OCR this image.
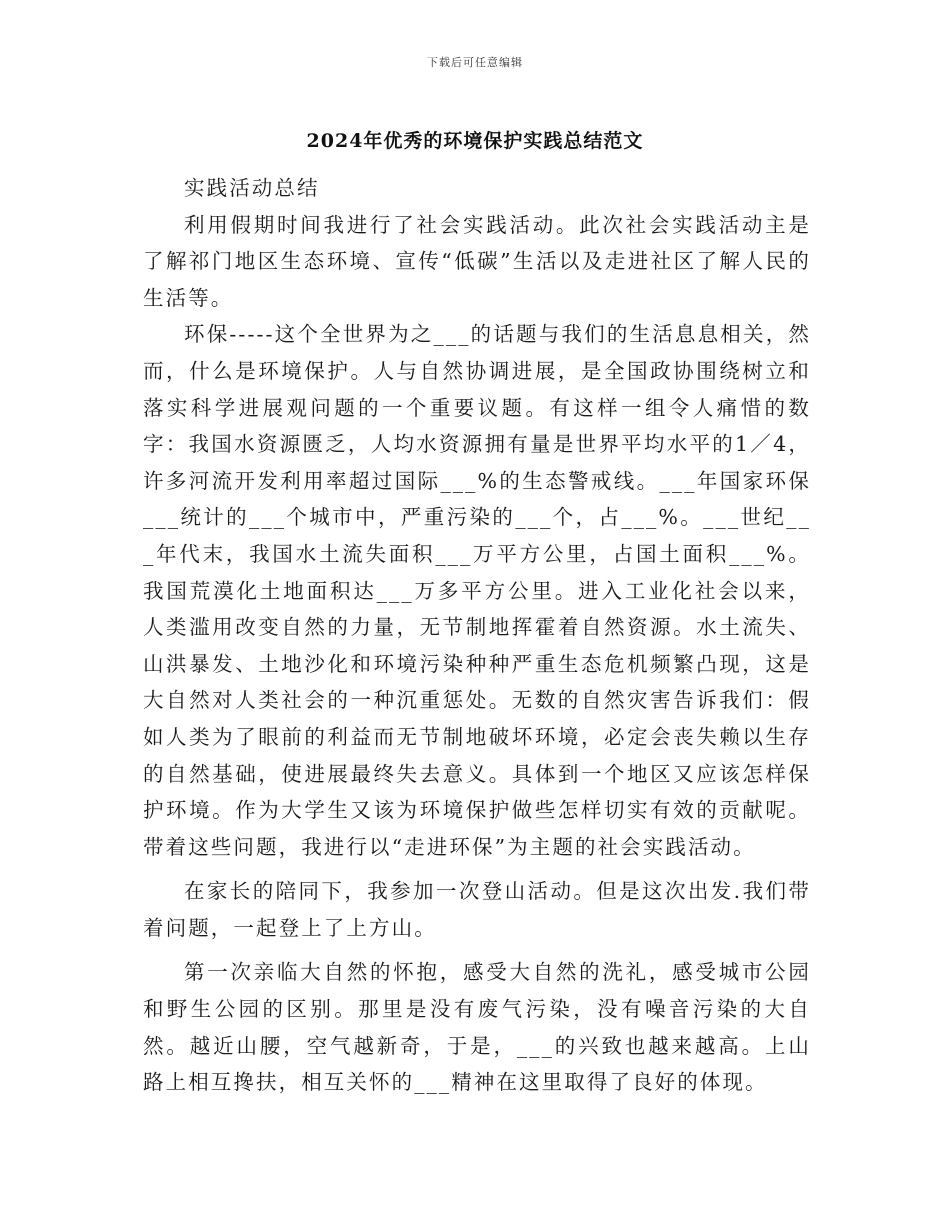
下载后可任意编辑
2024年优秀的环境保护实践总结范文

实践活动总结

利用假期时间我进行了社会实践活动。此次社会实践活动主是了解祁门地区生态环境、宣传“低碳”生活以及走进社区了解人民的生活等。

环保-----这个全世界为之___的话题与我们的生活息息相关，然而，什么是环境保护。人与自然协调进展，是全国政协围绕树立和落实科学进展观问题的一个重要议题。有这样一组令人痛惜的数字：我国水资源匮乏，人均水资源拥有量是世界平均水平的1／4，许多河流开发利用率超过国际___%的生态警戒线。___年国家环保___统计的___个城市中，严重污染的___个，占___%。___世纪___年代末，我国水土流失面积___万平方公里，占国土面积___%。我国荒漠化土地面积达___万多平方公里。进入工业化社会以来，人类滥用改变自然的力量，无节制地挥霍着自然资源。水土流失、山洪暴发、土地沙化和环境污染种种严重生态危机频繁凸现，这是大自然对人类社会的一种沉重惩处。无数的自然灾害告诉我们：假如人类为了眼前的利益而无节制地破坏环境，必定会丧失赖以生存的自然基础，使进展最终失去意义。具体到一个地区又应该怎样保护环境。作为大学生又该为环境保护做些怎样切实有效的贡献呢。带着这些问题，我进行以“走进环保”为主题的社会实践活动。

在家长的陪同下，我参加一次登山活动。但是这次出发.我们带着问题，一起登上了上方山。

第一次亲临大自然的怀抱，感受大自然的洗礼，感受城市公园和野生公园的区别。那里是没有废气污染，没有噪音污染的大自然。越近山腰，空气越新奇，于是，___的兴致也越来越高。上山路上相互搀扶，相互关怀的___精神在这里取得了良好的体现。
